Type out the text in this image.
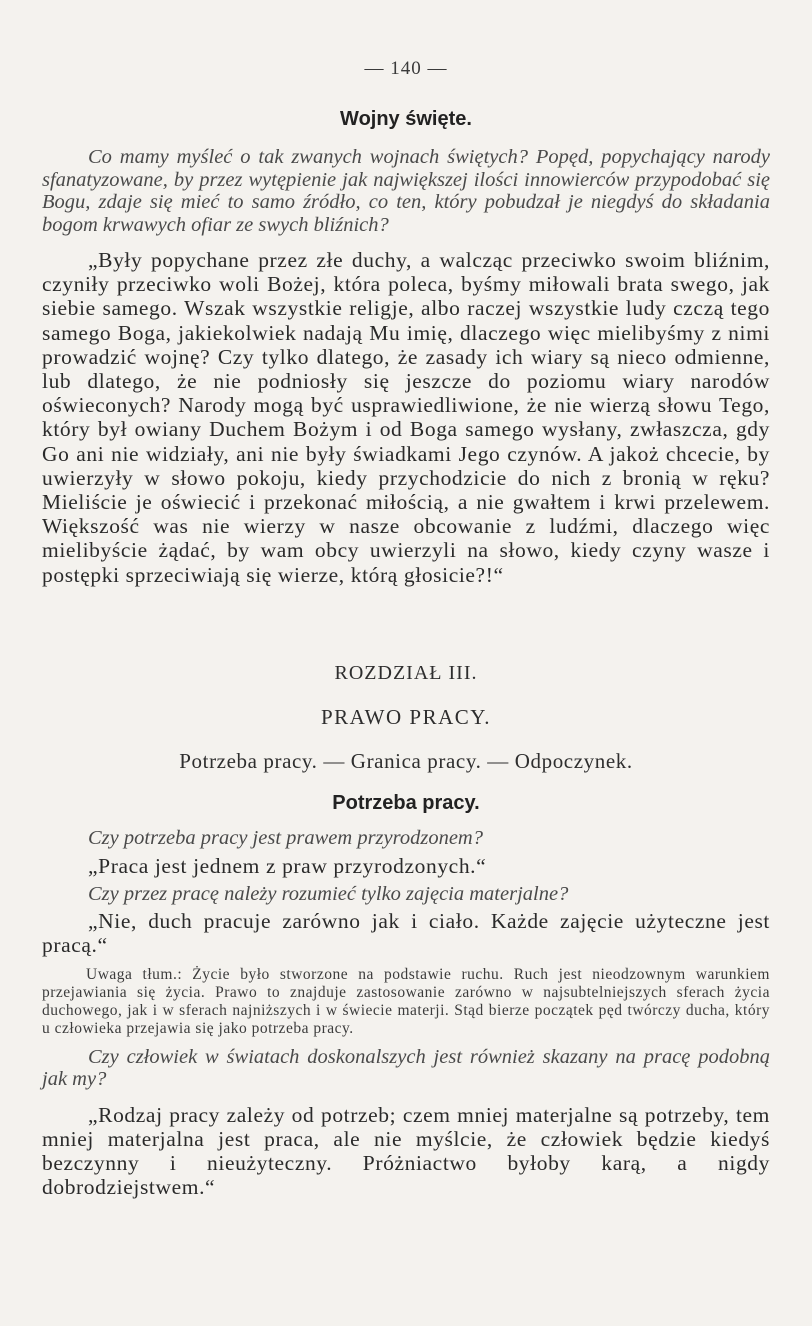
— 140 —
Wojny święte.

Co mamy myśleć o tak zwanych wojnach świętych? Popęd, popychający narody sfanatyzowane, by przez wytępienie jak największej ilości innowierców przypodobać się Bogu, zdaje się mieć to samo źródło, co ten, który pobudzał je niegdyś do składania bogom krwawych ofiar ze swych bliźnich?

„Były popychane przez złe duchy, a walcząc przeciwko swoim bliźnim, czyniły przeciwko woli Bożej, która poleca, byśmy miłowali brata swego, jak siebie samego. Wszak wszystkie religje, albo raczej wszystkie ludy czczą tego samego Boga, jakiekolwiek nadają Mu imię, dlaczego więc mielibyśmy z nimi prowadzić wojnę? Czy tylko dlatego, że zasady ich wiary są nieco odmienne, lub dlatego, że nie podniosły się jeszcze do poziomu wiary narodów oświeconych? Narody mogą być usprawiedliwione, że nie wierzą słowu Tego, który był owiany Duchem Bożym i od Boga samego wysłany, zwłaszcza, gdy Go ani nie widziały, ani nie były świadkami Jego czynów. A jakoż chcecie, by uwierzyły w słowo pokoju, kiedy przychodzicie do nich z bronią w ręku? Mieliście je oświecić i przekonać miłością, a nie gwałtem i krwi przelewem. Większość was nie wierzy w nasze obcowanie z ludźmi, dlaczego więc mielibyście żądać, by wam obcy uwierzyli na słowo, kiedy czyny wasze i postępki sprzeciwiają się wierze, którą głosicie?!“

ROZDZIAŁ III.

PRAWO PRACY.

Potrzeba pracy. — Granica pracy. — Odpoczynek.

Potrzeba pracy.

Czy potrzeba pracy jest prawem przyrodzonem?

„Praca jest jednem z praw przyrodzonych.“

Czy przez pracę należy rozumieć tylko zajęcia materjalne?

„Nie, duch pracuje zarówno jak i ciało. Każde zajęcie użyteczne jest pracą.“

Uwaga tłum.: Życie było stworzone na podstawie ruchu. Ruch jest nieodzownym warunkiem przejawiania się życia. Prawo to znajduje zastosowanie zarówno w najsubtelniejszych sferach życia duchowego, jak i w sferach najniższych i w świecie materji. Stąd bierze początek pęd twórczy ducha, który u człowieka przejawia się jako potrzeba pracy.

Czy człowiek w światach doskonalszych jest również skazany na pracę podobną jak my?

„Rodzaj pracy zależy od potrzeb; czem mniej materjalne są potrzeby, tem mniej materjalna jest praca, ale nie myślcie, że człowiek będzie kiedyś bezczynny i nieużyteczny. Próżniactwo byłoby karą, a nigdy dobrodziejstwem.“
